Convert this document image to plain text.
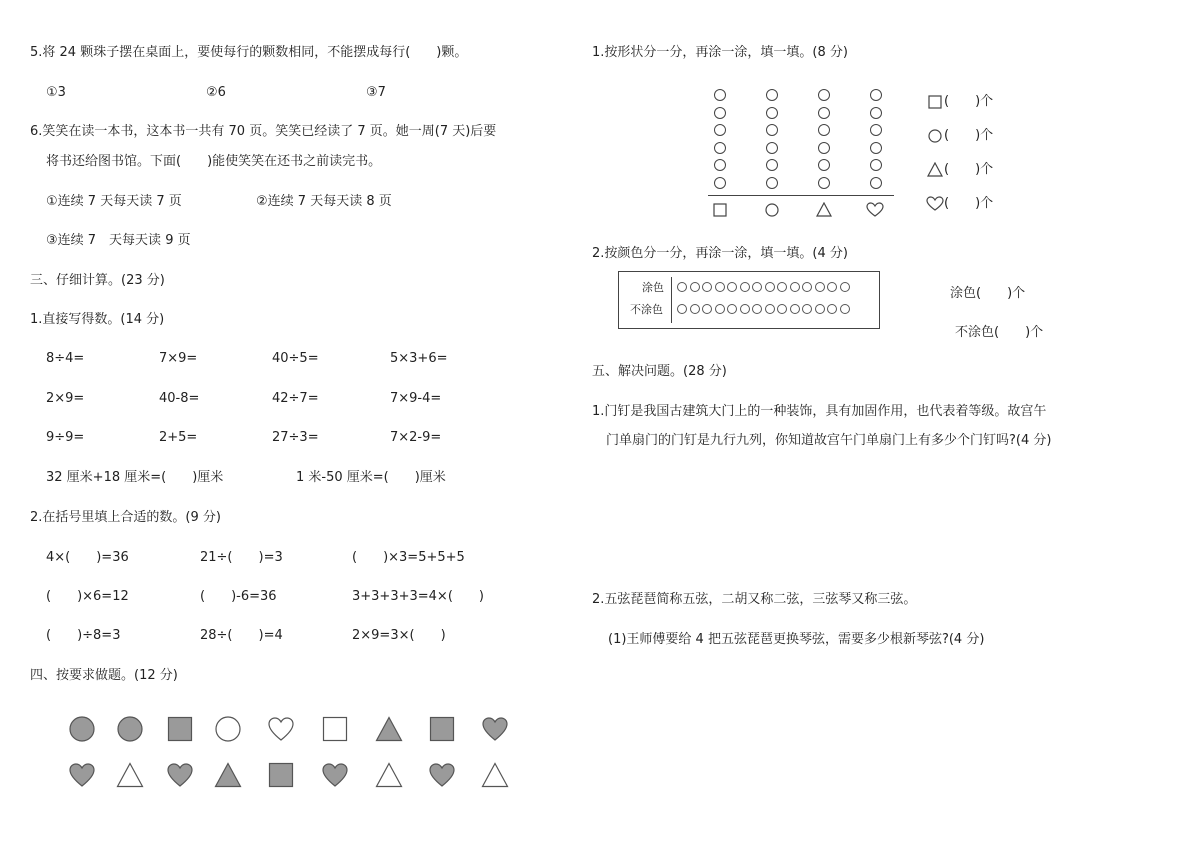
5.将 24 颗珠子摆在桌面上，要使每行的颗数相同，不能摆成每行(　　)颗。
①3	②6	③7
6.笑笑在读一本书，这本书一共有 70 页。笑笑已经读了 7 页。她一周(7 天)后要
将书还给图书馆。下面(　　)能使笑笑在还书之前读完书。
①连续 7 天每天读 7 页	②连续 7 天每天读 8 页
③连续 7　天每天读 9 页
三、仔细计算。(23 分)
1.直接写得数。(14 分)
8÷4=	7×9=	40÷5=	5×3+6=
2×9=	40-8=	42÷7=	7×9-4=
9÷9=	2+5=	27÷3=	7×2-9=
32 厘米+18 厘米=(　　)厘米	1 米-50 厘米=(　　)厘米
2.在括号里填上合适的数。(9 分)
4×(　　)=36	21÷(　　)=3	(　　)×3=5+5+5
(　　)×6=12	(　　)-6=36	3+3+3+3=4×(　　)
(　　)÷8=3	28÷(　　)=4	2×9=3×(　　)
四、按要求做题。(12 分)
1.按形状分一分，再涂一涂，填一填。(8 分)
(　　)个
(　　)个
(　　)个
(　　)个
2.按颜色分一分，再涂一涂，填一填。(4 分)
涂色
不涂色
涂色(　　)个
不涂色(　　)个
五、解决问题。(28 分)
1.门钉是我国古建筑大门上的一种装饰，具有加固作用，也代表着等级。故宫午
门单扇门的门钉是九行九列，你知道故宫午门单扇门上有多少个门钉吗?(4 分)
2.五弦琵琶简称五弦，二胡又称二弦，三弦琴又称三弦。
(1)王师傅要给 4 把五弦琵琶更换琴弦，需要多少根新琴弦?(4 分)
